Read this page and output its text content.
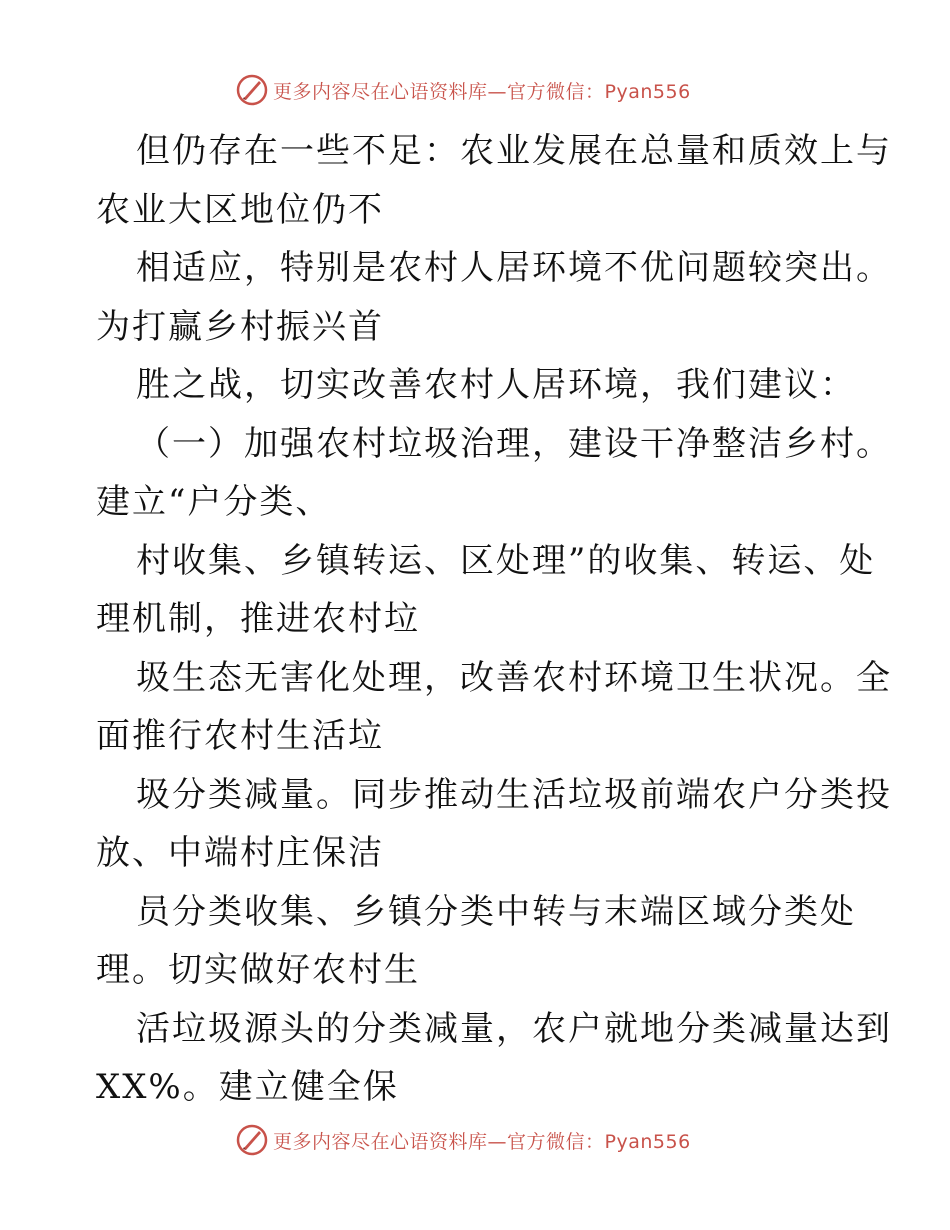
更多内容尽在心语资料库—官方微信：Pyan556
但仍存在一些不足：农业发展在总量和质效上与
农业大区地位仍不
相适应，特别是农村人居环境不优问题较突出。
为打赢乡村振兴首
胜之战，切实改善农村人居环境，我们建议：
（一）加强农村垃圾治理，建设干净整洁乡村。
建立“户分类、
村收集、乡镇转运、区处理”的收集、转运、处
理机制，推进农村垃
圾生态无害化处理，改善农村环境卫生状况。全
面推行农村生活垃
圾分类减量。同步推动生活垃圾前端农户分类投
放、中端村庄保洁
员分类收集、乡镇分类中转与末端区域分类处
理。切实做好农村生
活垃圾源头的分类减量，农户就地分类减量达到
XX%。建立健全保
更多内容尽在心语资料库—官方微信：Pyan556
